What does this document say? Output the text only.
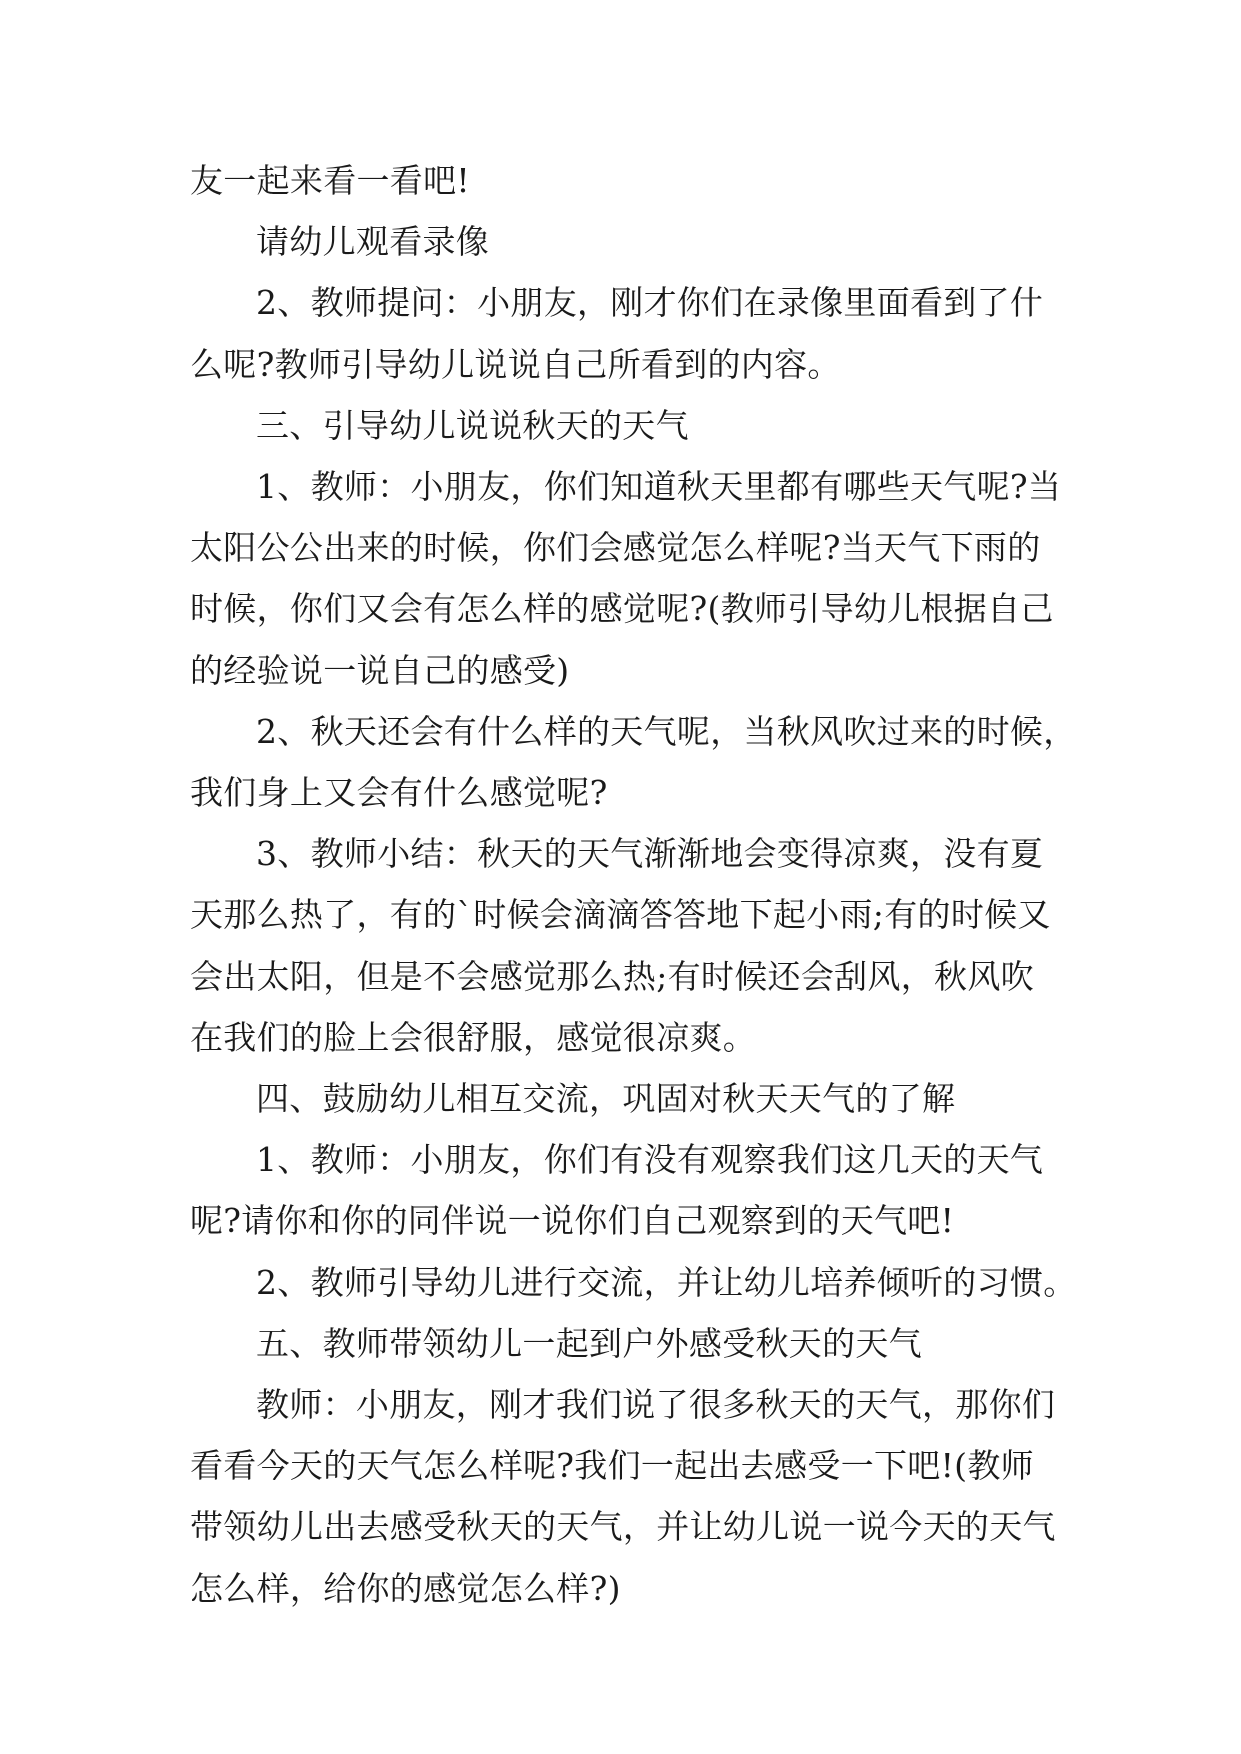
友一起来看一看吧!

请幼儿观看录像

2、教师提问：小朋友，刚才你们在录像里面看到了什
么呢?教师引导幼儿说说自己所看到的内容。

三、引导幼儿说说秋天的天气

1、教师：小朋友，你们知道秋天里都有哪些天气呢?当
太阳公公出来的时候，你们会感觉怎么样呢?当天气下雨的
时候，你们又会有怎么样的感觉呢?(教师引导幼儿根据自己
的经验说一说自己的感受)

2、秋天还会有什么样的天气呢，当秋风吹过来的时候，
我们身上又会有什么感觉呢?

3、教师小结：秋天的天气渐渐地会变得凉爽，没有夏
天那么热了，有的`时候会滴滴答答地下起小雨;有的时候又
会出太阳，但是不会感觉那么热;有时候还会刮风，秋风吹
在我们的脸上会很舒服，感觉很凉爽。

四、鼓励幼儿相互交流，巩固对秋天天气的了解

1、教师：小朋友，你们有没有观察我们这几天的天气
呢?请你和你的同伴说一说你们自己观察到的天气吧!

2、教师引导幼儿进行交流，并让幼儿培养倾听的习惯。

五、教师带领幼儿一起到户外感受秋天的天气

教师：小朋友，刚才我们说了很多秋天的天气，那你们
看看今天的天气怎么样呢?我们一起出去感受一下吧!(教师
带领幼儿出去感受秋天的天气，并让幼儿说一说今天的天气
怎么样，给你的感觉怎么样?)
